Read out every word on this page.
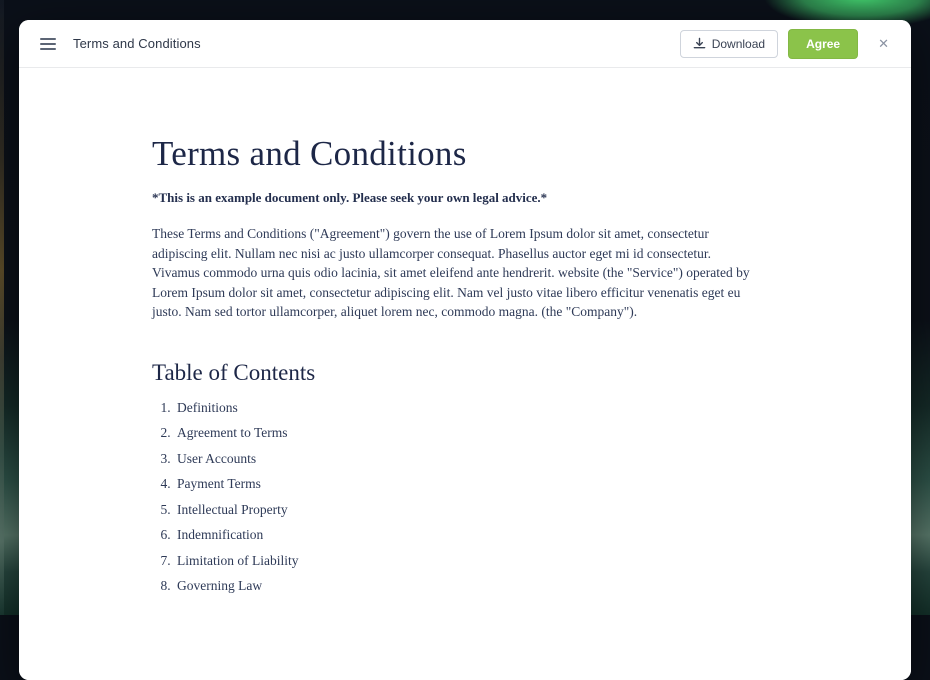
Terms and Conditions	Download	Agree	✕
Terms and Conditions

*This is an example document only. Please seek your own legal advice.*

These Terms and Conditions ("Agreement") govern the use of Lorem Ipsum dolor sit amet, consectetur adipiscing elit. Nullam nec nisi ac justo ullamcorper consequat. Phasellus auctor eget mi id consectetur. Vivamus commodo urna quis odio lacinia, sit amet eleifend ante hendrerit. website (the "Service") operated by Lorem Ipsum dolor sit amet, consectetur adipiscing elit. Nam vel justo vitae libero efficitur venenatis eget eu justo. Nam sed tortor ullamcorper, aliquet lorem nec, commodo magna. (the "Company").

Table of Contents
1. Definitions
2. Agreement to Terms
3. User Accounts
4. Payment Terms
5. Intellectual Property
6. Indemnification
7. Limitation of Liability
8. Governing Law
